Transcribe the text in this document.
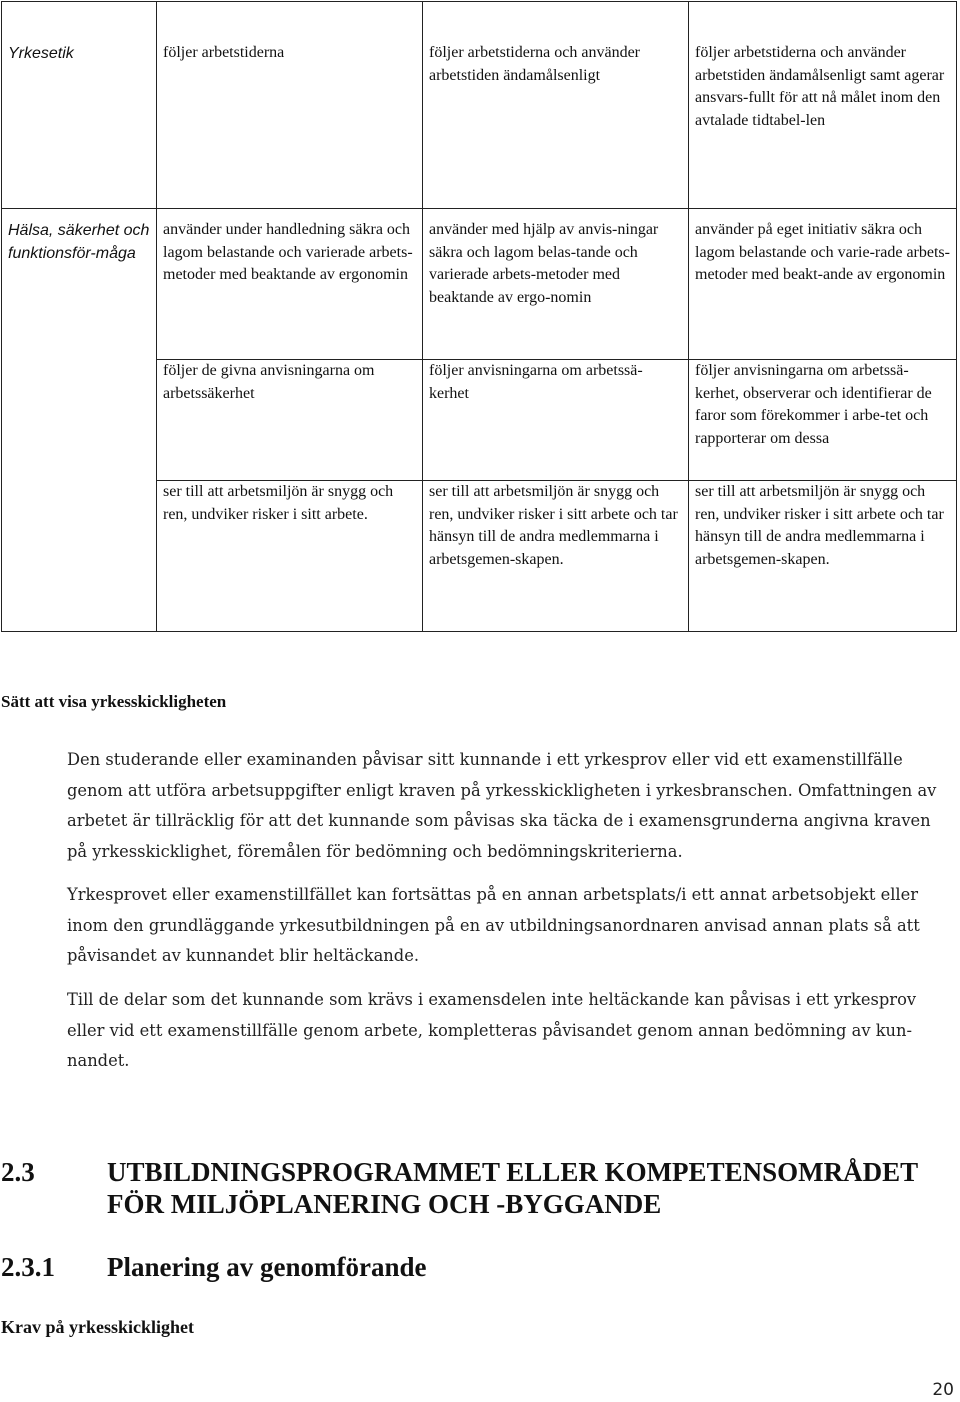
Yrkesetik	följer arbetstiderna	följer arbetstiderna och använder arbetstiden ändamålsenligt	följer arbetstiderna och använder arbetstiden ändamålsenligt samt agerar ansvars-fullt för att nå målet inom den avtalade tidtabel-len
Hälsa, säkerhet och funktionsför-måga	använder under handledning säkra och lagom belastande och varierade arbets-metoder med beaktande av ergonomin	använder med hjälp av anvis-ningar säkra och lagom belas-tande och varierade arbets-metoder med beaktande av ergo-nomin	använder på eget initiativ säkra och lagom belastande och varie-rade arbets-metoder med beakt-ande av ergonomin
	följer de givna anvisningarna om arbetssäkerhet	följer anvisningarna om arbetssä-kerhet	följer anvisningarna om arbetssä-kerhet, observerar och identifierar de faror som förekommer i arbe-tet och rapporterar om dessa
	ser till att arbetsmiljön är snygg och ren, undviker risker i sitt arbete.	ser till att arbetsmiljön är snygg och ren, undviker risker i sitt arbete och tar hänsyn till de andra medlemmarna i arbetsgemen-skapen.	ser till att arbetsmiljön är snygg och ren, undviker risker i sitt arbete och tar hänsyn till de andra medlemmarna i arbetsgemen-skapen.
Sätt att visa yrkesskickligheten

Den studerande eller examinanden påvisar sitt kunnande i ett yrkesprov eller vid ett examenstillfälle genom att utföra arbetsuppgifter enligt kraven på yrkesskickligheten i yrkesbranschen. Omfattningen av arbetet är tillräcklig för att det kunnande som påvisas ska täcka de i examensgrunderna angivna kraven på yrkesskicklighet, föremålen för bedömning och bedömningskriterierna.

Yrkesprovet eller examenstillfället kan fortsättas på en annan arbetsplats/i ett annat arbetsobjekt eller inom den grundläggande yrkesutbildningen på en av utbildningsanordnaren anvisad annan plats så att påvisandet av kunnandet blir heltäckande.

Till de delar som det kunnande som krävs i examensdelen inte heltäckande kan påvisas i ett yrkesprov eller vid ett examenstillfälle genom arbete, kompletteras påvisandet genom annan bedömning av kun-nandet.

2.3	UTBILDNINGSPROGRAMMET ELLER KOMPETENSOMRÅDET FÖR MILJÖPLANERING OCH -BYGGANDE
2.3.1 Planering av genomförande
Krav på yrkesskicklighet
20
